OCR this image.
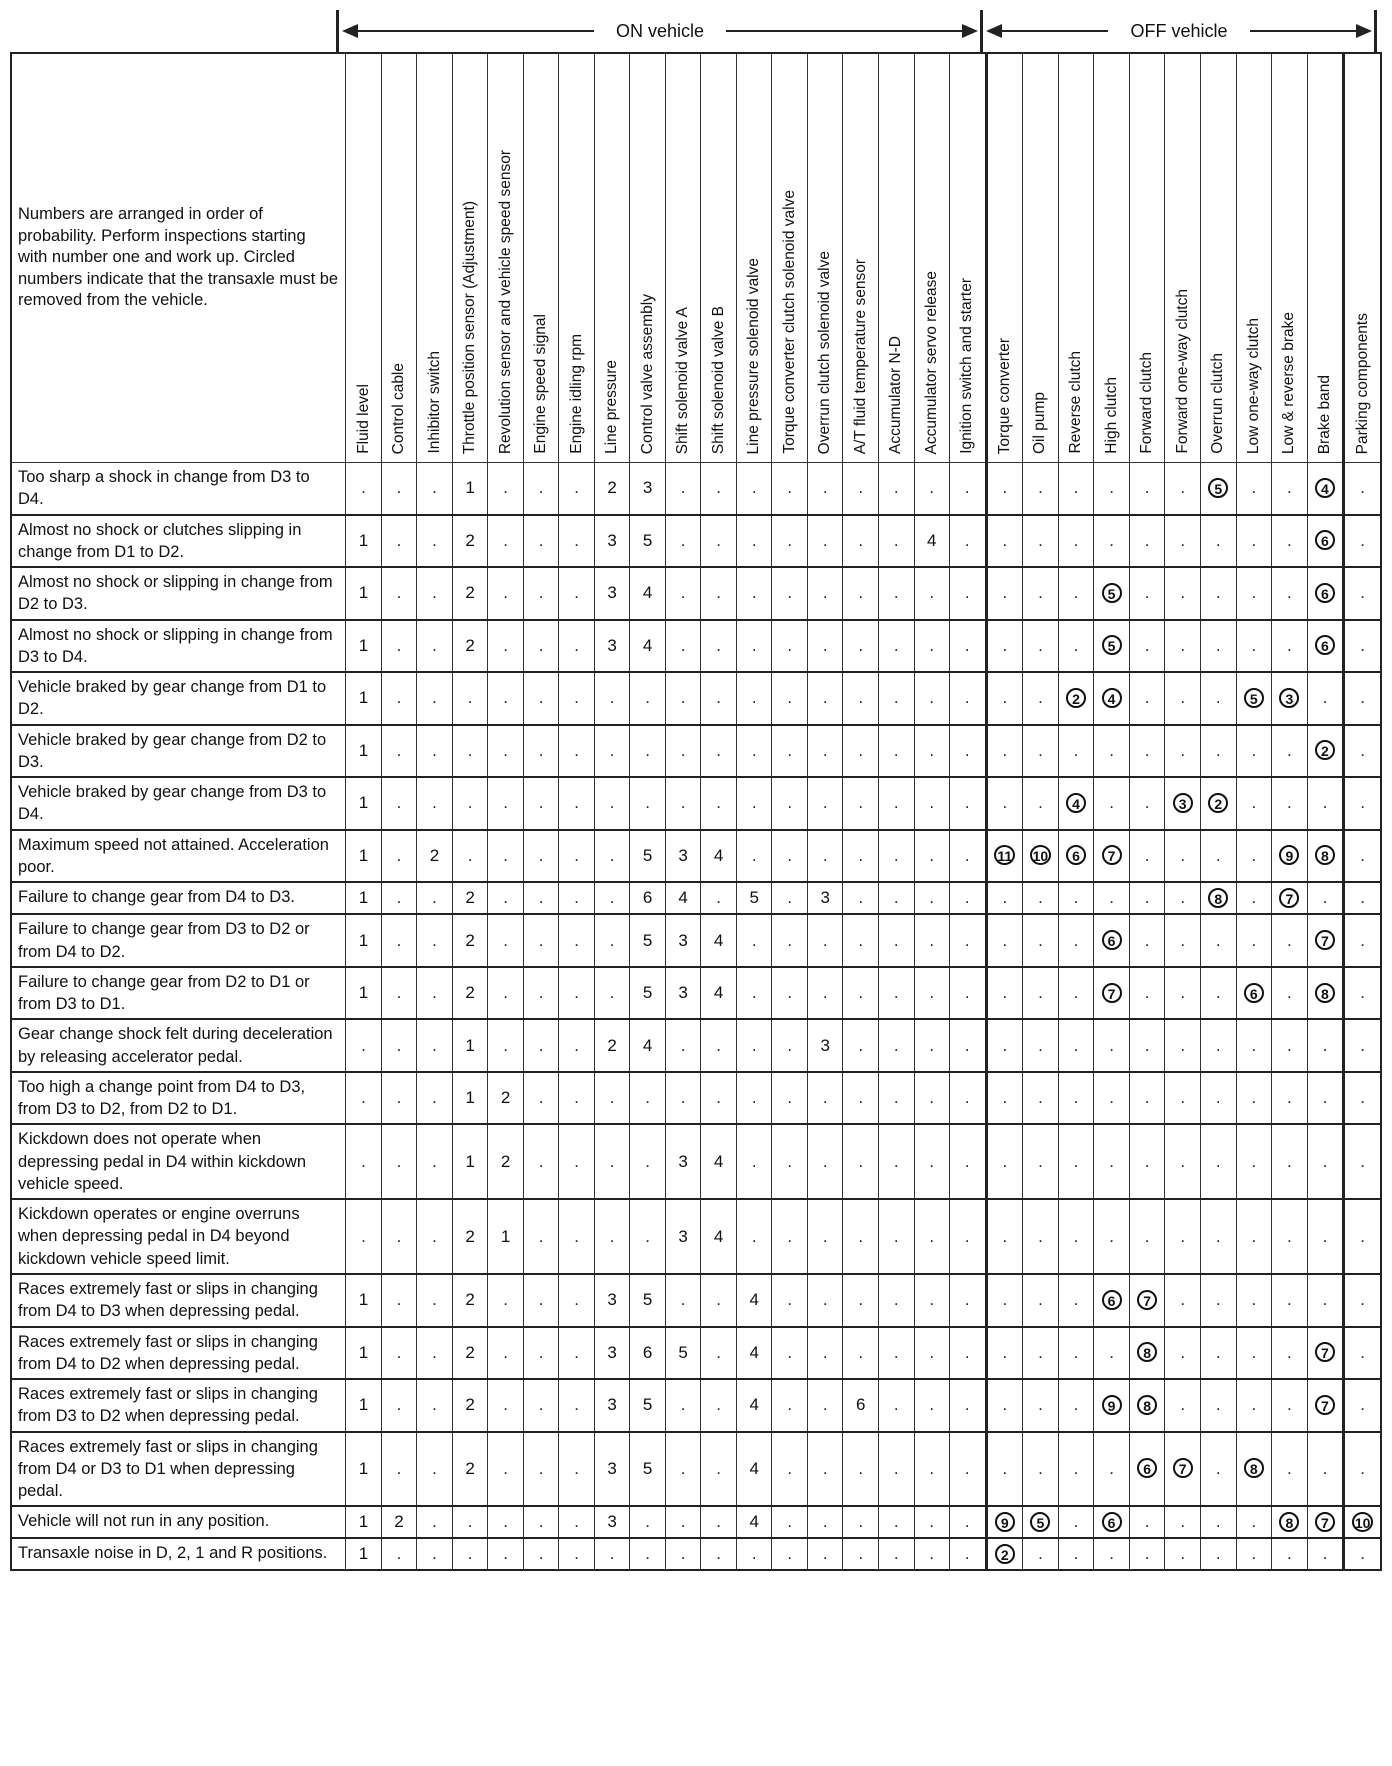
ON vehicle	OFF vehicle
Numbers are arranged in order of probability. Perform inspections starting with number one and work up. Circled numbers indicate that the transaxle must be removed from the vehicle.	Fluid level	Control cable	Inhibitor switch	Throttle position sensor (Adjustment)	Revolution sensor and vehicle speed sensor	Engine speed signal	Engine idling rpm	Line pressure	Control valve assembly	Shift solenoid valve A	Shift solenoid valve B	Line pressure solenoid valve	Torque converter clutch solenoid valve	Overrun clutch solenoid valve	A/T fluid temperature sensor	Accumulator N-D	Accumulator servo release	Ignition switch and starter	Torque converter	Oil pump	Reverse clutch	High clutch	Forward clutch	Forward one-way clutch	Overrun clutch	Low one-way clutch	Low & reverse brake	Brake band	Parking components

Too sharp a shock in change from D3 to D4.	.	.	.	1	.	.	.	2	3	.	.	.	.	.	.	.	.	.	.	.	.	.	.	.	5	.	.	4	.
Almost no shock or clutches slipping in change from D1 to D2.	1	.	.	2	.	.	.	3	5	.	.	.	.	.	.	.	4	.	.	.	.	.	.	.	.	.	.	6	.
Almost no shock or slipping in change from D2 to D3.	1	.	.	2	.	.	.	3	4	.	.	.	.	.	.	.	.	.	.	.	.	5	.	.	.	.	.	6	.
Almost no shock or slipping in change from D3 to D4.	1	.	.	2	.	.	.	3	4	.	.	.	.	.	.	.	.	.	.	.	.	5	.	.	.	.	.	6	.
Vehicle braked by gear change from D1 to D2.	1	.	.	.	.	.	.	.	.	.	.	.	.	.	.	.	.	.	.	.	2	4	.	.	.	5	3	.	.
Vehicle braked by gear change from D2 to D3.	1	.	.	.	.	.	.	.	.	.	.	.	.	.	.	.	.	.	.	.	.	.	.	.	.	.	.	2	.
Vehicle braked by gear change from D3 to D4.	1	.	.	.	.	.	.	.	.	.	.	.	.	.	.	.	.	.	.	.	4	.	.	3	2	.	.	.	.
Maximum speed not attained. Acceleration poor.	1	.	2	.	.	.	.	.	5	3	4	.	.	.	.	.	.	.	11	10	6	7	.	.	.	.	9	8	.
Failure to change gear from D4 to D3.	1	.	.	2	.	.	.	.	6	4	.	5	.	3	.	.	.	.	.	.	.	.	.	.	8	.	7	.	.
Failure to change gear from D3 to D2 or from D4 to D2.	1	.	.	2	.	.	.	.	5	3	4	.	.	.	.	.	.	.	.	.	.	6	.	.	.	.	.	7	.
Failure to change gear from D2 to D1 or from D3 to D1.	1	.	.	2	.	.	.	.	5	3	4	.	.	.	.	.	.	.	.	.	.	7	.	.	.	6	.	8	.
Gear change shock felt during deceleration by releasing accelerator pedal.	.	.	.	1	.	.	.	2	4	.	.	.	.	3	.	.	.	.	.	.	.	.	.	.	.	.	.	.	.
Too high a change point from D4 to D3, from D3 to D2, from D2 to D1.	.	.	.	1	2	.	.	.	.	.	.	.	.	.	.	.	.	.	.	.	.	.	.	.	.	.	.	.	.
Kickdown does not operate when depressing pedal in D4 within kickdown vehicle speed.	.	.	.	1	2	.	.	.	.	3	4	.	.	.	.	.	.	.	.	.	.	.	.	.	.	.	.	.	.
Kickdown operates or engine overruns when depressing pedal in D4 beyond kickdown vehicle speed limit.	.	.	.	2	1	.	.	.	.	3	4	.	.	.	.	.	.	.	.	.	.	.	.	.	.	.	.	.	.
Races extremely fast or slips in changing from D4 to D3 when depressing pedal.	1	.	.	2	.	.	.	3	5	.	.	4	.	.	.	.	.	.	.	.	.	6	7	.	.	.	.	.	.
Races extremely fast or slips in changing from D4 to D2 when depressing pedal.	1	.	.	2	.	.	.	3	6	5	.	4	.	.	.	.	.	.	.	.	.	.	8	.	.	.	.	7	.
Races extremely fast or slips in changing from D3 to D2 when depressing pedal.	1	.	.	2	.	.	.	3	5	.	.	4	.	.	6	.	.	.	.	.	.	9	8	.	.	.	.	7	.
Races extremely fast or slips in changing from D4 or D3 to D1 when depressing pedal.	1	.	.	2	.	.	.	3	5	.	.	4	.	.	.	.	.	.	.	.	.	.	6	7	.	8	.	.	.
Vehicle will not run in any position.	1	2	.	.	.	.	.	3	.	.	.	4	.	.	.	.	.	.	9	5	.	6	.	.	.	.	8	7	10
Transaxle noise in D, 2, 1 and R positions.	1	.	.	.	.	.	.	.	.	.	.	.	.	.	.	.	.	.	2	.	.	.	.	.	.	.	.	.	.
